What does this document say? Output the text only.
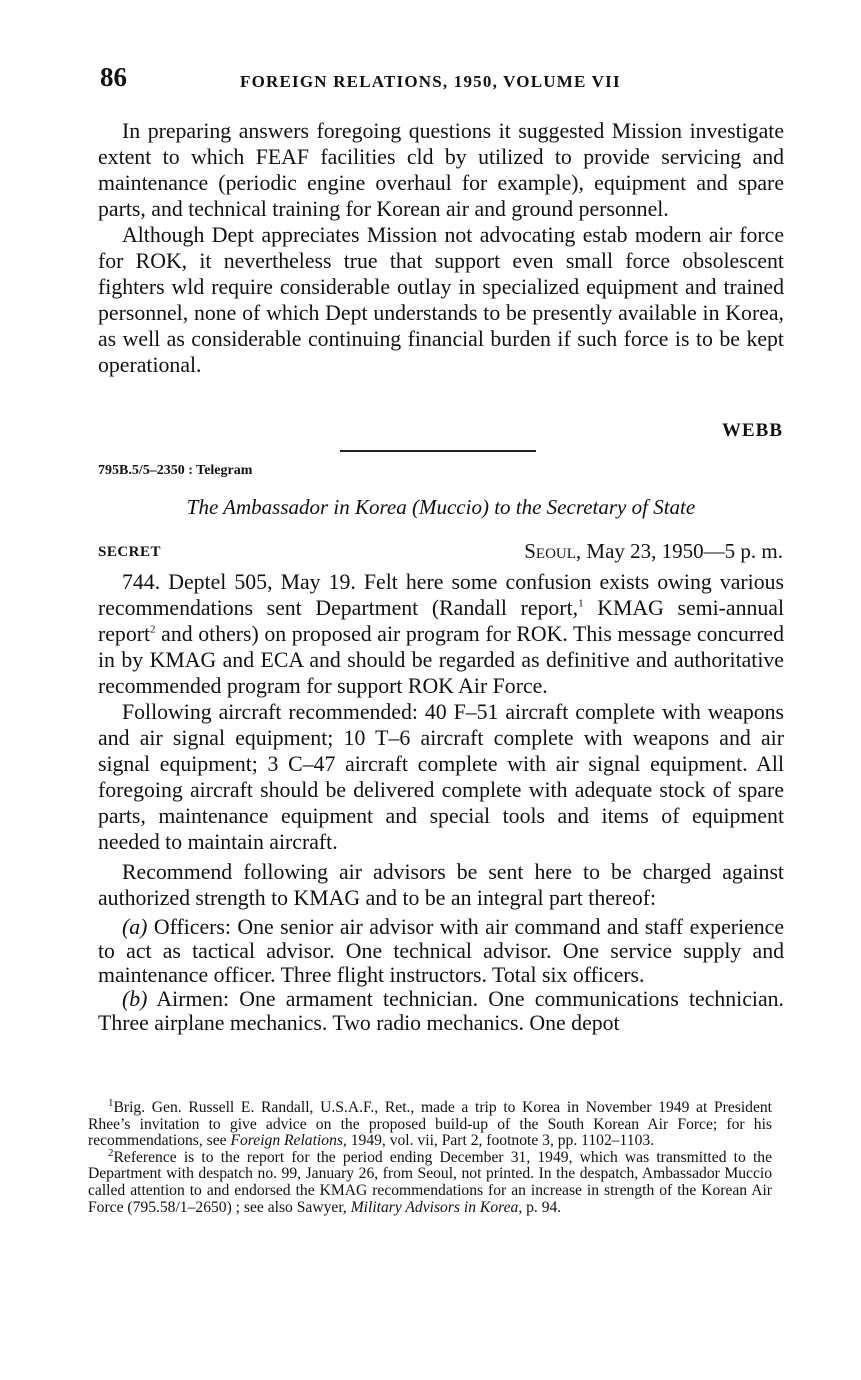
86	FOREIGN RELATIONS, 1950, VOLUME VII

In preparing answers foregoing questions it suggested Mission investigate extent to which FEAF facilities cld by utilized to provide servicing and maintenance (periodic engine overhaul for example), equipment and spare parts, and technical training for Korean air and ground personnel.

Although Dept appreciates Mission not advocating estab modern air force for ROK, it nevertheless true that support even small force obsolescent fighters wld require considerable outlay in specialized equipment and trained personnel, none of which Dept understands to be presently available in Korea, as well as considerable continuing financial burden if such force is to be kept operational.

WEBB
795B.5/5–2350 : Telegram
The Ambassador in Korea (Muccio) to the Secretary of State
SECRET	Seoul, May 23, 1950—5 p. m.

744. Deptel 505, May 19. Felt here some confusion exists owing various recommendations sent Department (Randall report,$^1$ KMAG semi-annual report$^2$ and others) on proposed air program for ROK. This message concurred in by KMAG and ECA and should be regarded as definitive and authoritative recommended program for support ROK Air Force.

Following aircraft recommended: 40 F–51 aircraft complete with weapons and air signal equipment; 10 T–6 aircraft complete with weapons and air signal equipment; 3 C–47 aircraft complete with air signal equipment. All foregoing aircraft should be delivered complete with adequate stock of spare parts, maintenance equipment and special tools and items of equipment needed to maintain aircraft.

Recommend following air advisors be sent here to be charged against authorized strength to KMAG and to be an integral part thereof:

(a) Officers: One senior air advisor with air command and staff experience to act as tactical advisor. One technical advisor. One service supply and maintenance officer. Three flight instructors. Total six officers.

(b) Airmen: One armament technician. One communications technician. Three airplane mechanics. Two radio mechanics. One depot

$^1$Brig. Gen. Russell E. Randall, U.S.A.F., Ret., made a trip to Korea in November 1949 at President Rhee’s invitation to give advice on the proposed build-up of the South Korean Air Force; for his recommendations, see Foreign Relations, 1949, vol. vii, Part 2, footnote 3, pp. 1102–1103.

$^2$Reference is to the report for the period ending December 31, 1949, which was transmitted to the Department with despatch no. 99, January 26, from Seoul, not printed. In the despatch, Ambassador Muccio called attention to and endorsed the KMAG recommendations for an increase in strength of the Korean Air Force (795.58/1–2650) ; see also Sawyer, Military Advisors in Korea, p. 94.
